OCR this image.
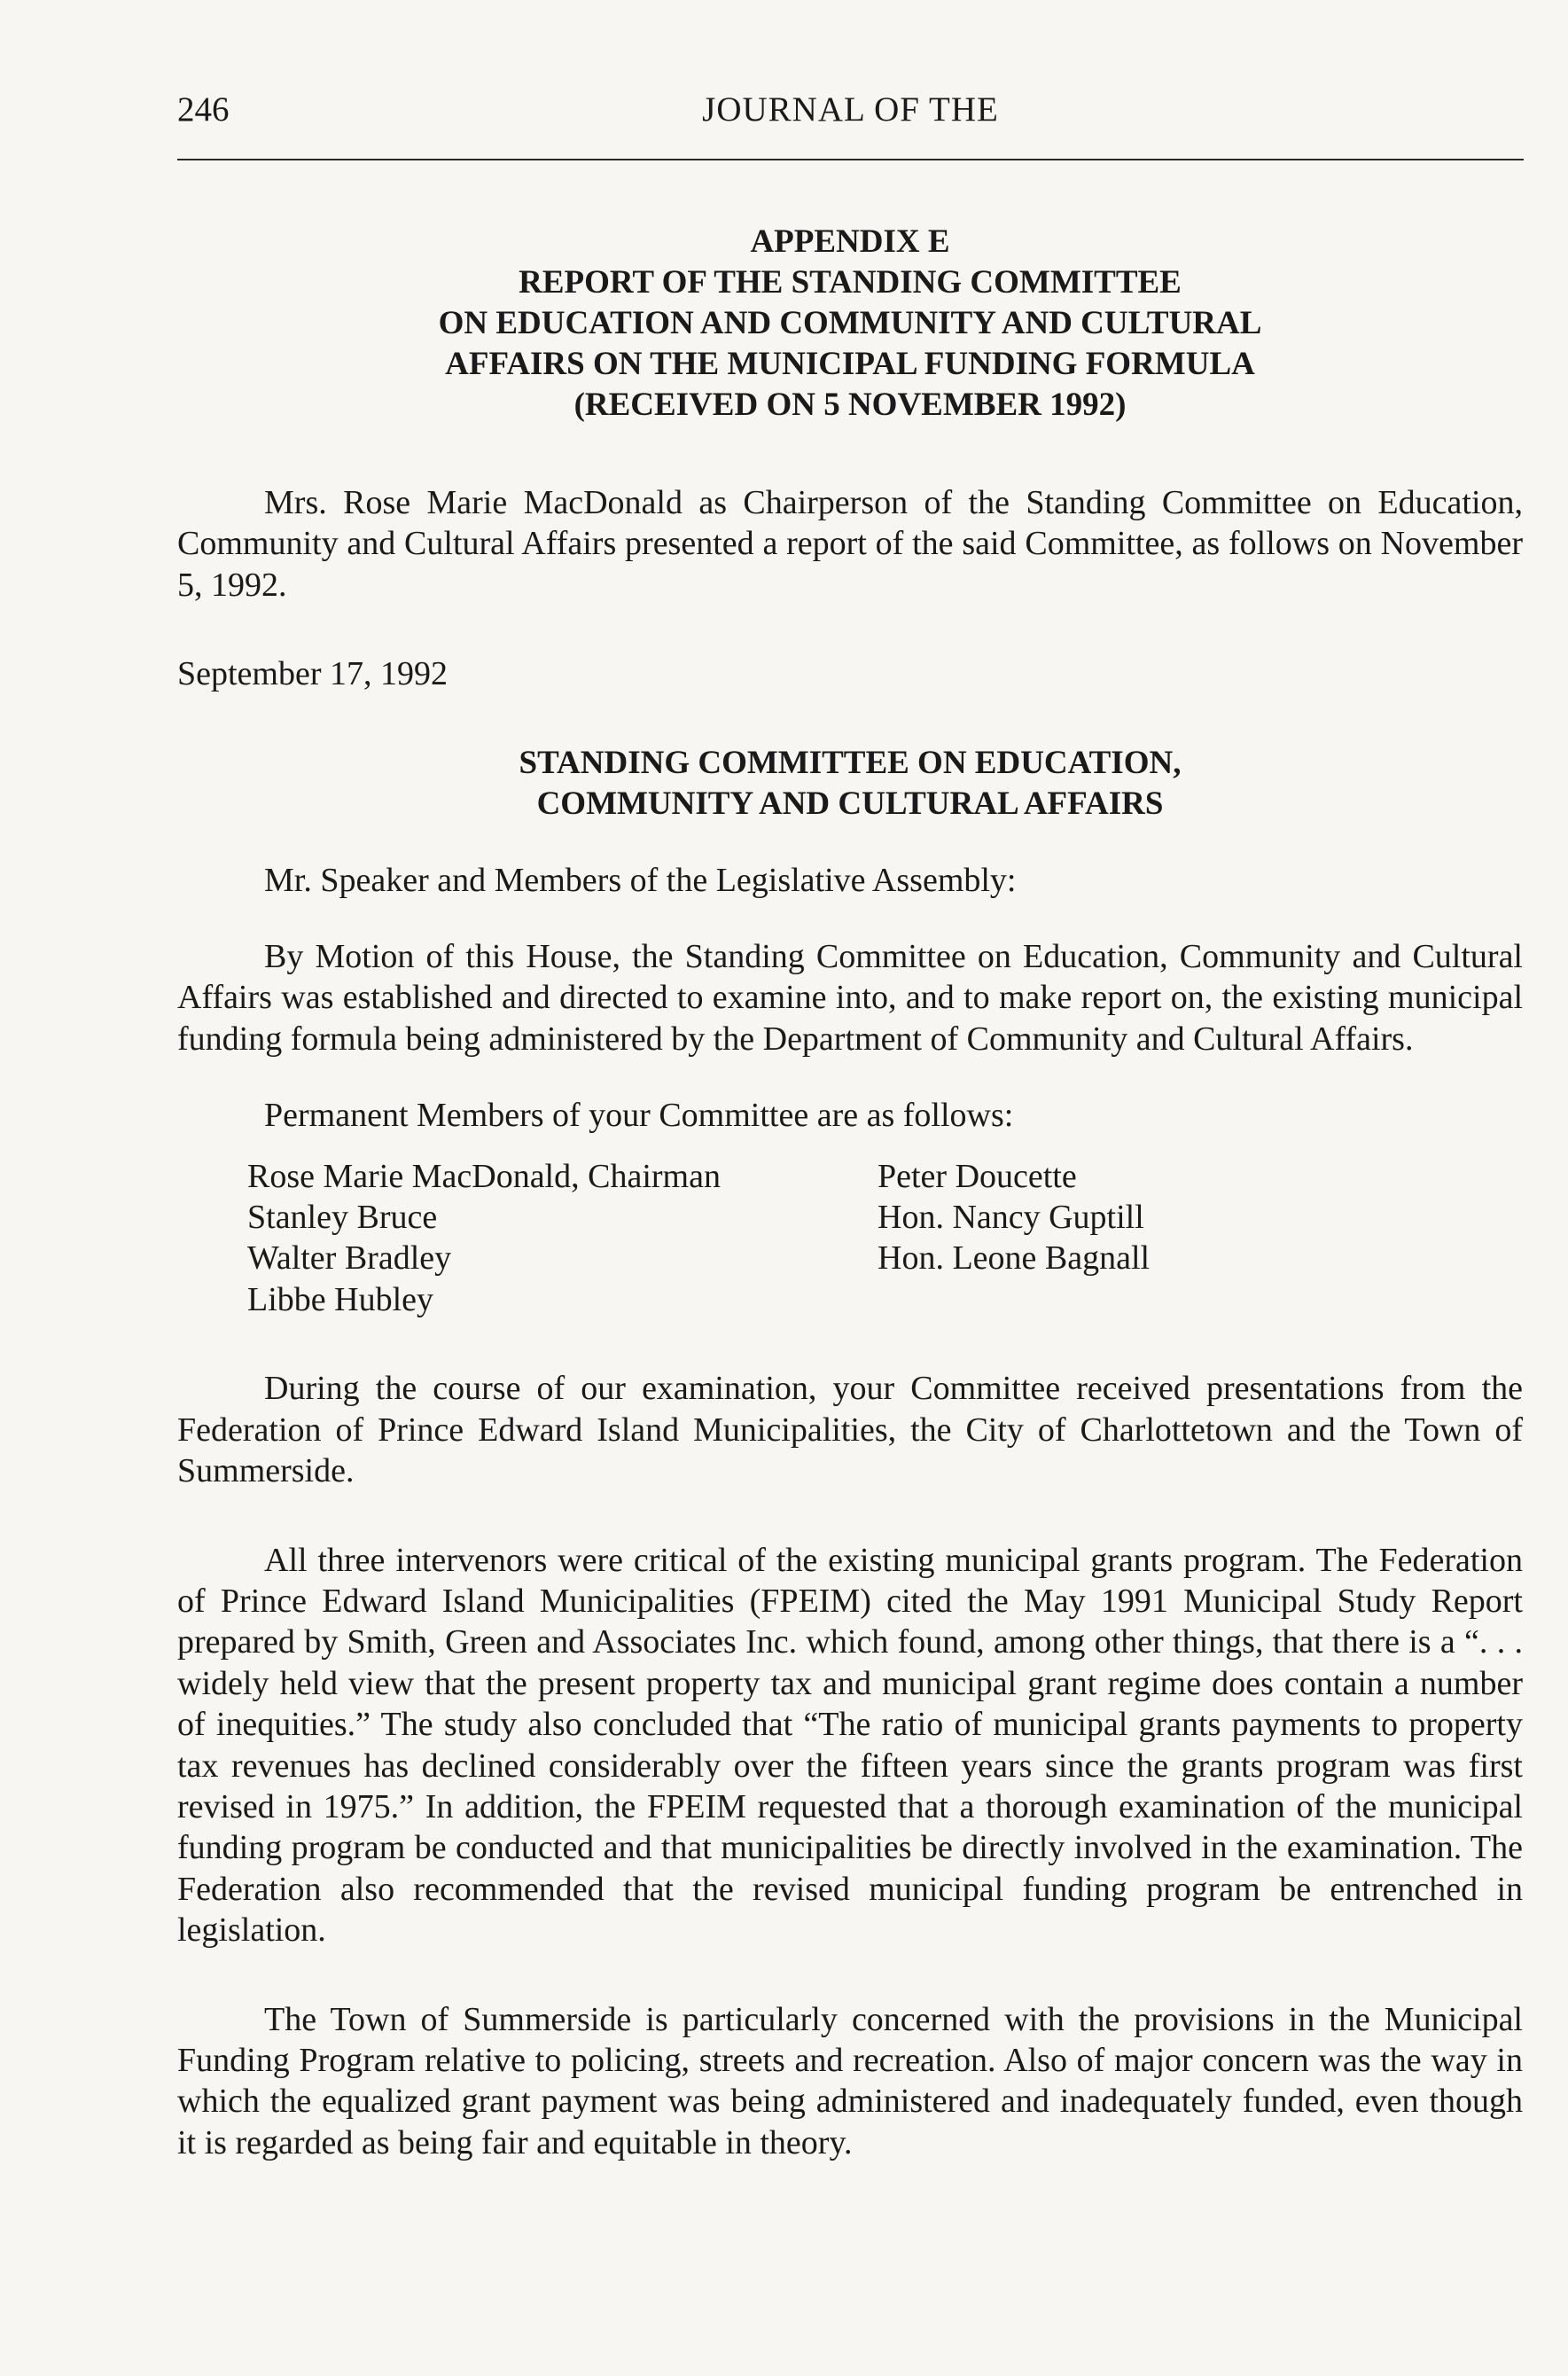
246	JOURNAL OF THE
APPENDIX E
REPORT OF THE STANDING COMMITTEE
ON EDUCATION AND COMMUNITY AND CULTURAL
AFFAIRS ON THE MUNICIPAL FUNDING FORMULA
(RECEIVED ON 5 NOVEMBER 1992)

Mrs. Rose Marie MacDonald as Chairperson of the Standing Committee on Education, Community and Cultural Affairs presented a report of the said Committee, as follows on November 5, 1992.

September 17, 1992

STANDING COMMITTEE ON EDUCATION,
COMMUNITY AND CULTURAL AFFAIRS

Mr. Speaker and Members of the Legislative Assembly:

By Motion of this House, the Standing Committee on Education, Community and Cultural Affairs was established and directed to examine into, and to make report on, the existing municipal funding formula being administered by the Department of Community and Cultural Affairs.

Permanent Members of your Committee are as follows:

Rose Marie MacDonald, Chairman	Peter Doucette
Stanley Bruce	Hon. Nancy Guptill
Walter Bradley	Hon. Leone Bagnall
Libbe Hubley

During the course of our examination, your Committee received presentations from the Federation of Prince Edward Island Municipalities, the City of Charlottetown and the Town of Summerside.

All three intervenors were critical of the existing municipal grants program. The Federation of Prince Edward Island Municipalities (FPEIM) cited the May 1991 Municipal Study Report prepared by Smith, Green and Associates Inc. which found, among other things, that there is a “. . . widely held view that the present property tax and municipal grant regime does contain a number of inequities.” The study also concluded that “The ratio of municipal grants payments to property tax revenues has declined considerably over the fifteen years since the grants program was first revised in 1975.” In addition, the FPEIM requested that a thorough examination of the municipal funding program be conducted and that municipalities be directly involved in the examination. The Federation also recommended that the revised municipal funding program be entrenched in legislation.

The Town of Summerside is particularly concerned with the provisions in the Municipal Funding Program relative to policing, streets and recreation. Also of major concern was the way in which the equalized grant payment was being administered and inadequately funded, even though it is regarded as being fair and equitable in theory.
